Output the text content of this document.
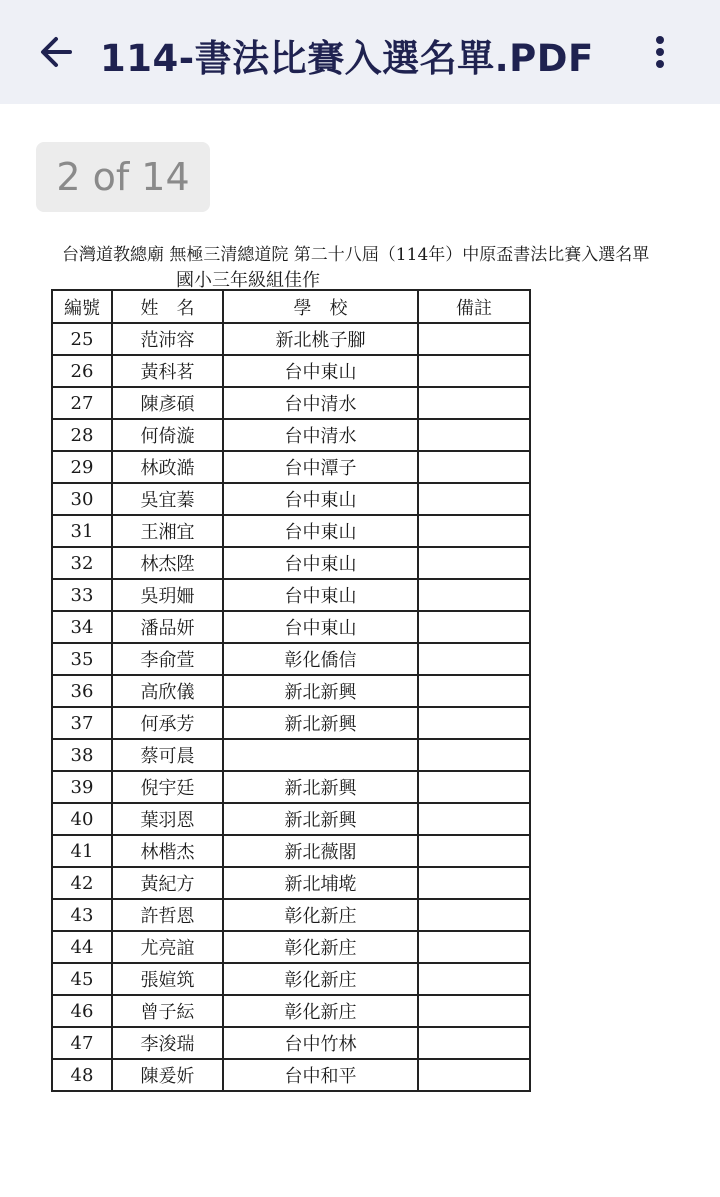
114-書法比賽入選名單.PDF
2 of 14
台灣道教總廟 無極三清總道院 第二十八屆（114年）中原盃書法比賽入選名單
國小三年級組佳作
編號	姓　名	學　校	備註
25	范沛容	新北桃子腳	
26	黃科茗	台中東山	
27	陳彥碩	台中清水	
28	何倚漩	台中清水	
29	林政澔	台中潭子	
30	吳宜蓁	台中東山	
31	王湘宜	台中東山	
32	林杰陞	台中東山	
33	吳玥姍	台中東山	
34	潘品妍	台中東山	
35	李俞萱	彰化僑信	
36	高欣儀	新北新興	
37	何承芳	新北新興	
38	蔡可晨		
39	倪宇廷	新北新興	
40	葉羽恩	新北新興	
41	林楷杰	新北薇閣	
42	黃紀方	新北埔墘	
43	許哲恩	彰化新庄	
44	尤亮誼	彰化新庄	
45	張媗筑	彰化新庄	
46	曾子紜	彰化新庄	
47	李浚瑞	台中竹林	
48	陳爰妡	台中和平	
